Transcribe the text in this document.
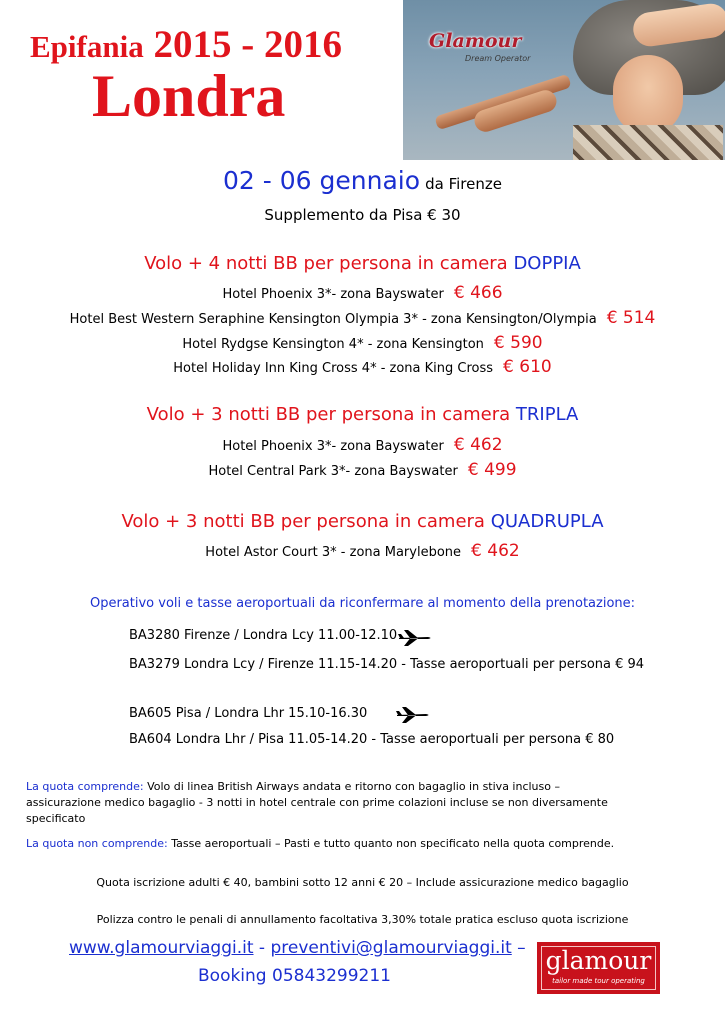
Epifania 2015 - 2016
Londra
Glamour
Dream Operator
02 - 06 gennaio da Firenze
Supplemento da Pisa € 30
Volo + 4 notti BB per persona in camera DOPPIA
Hotel Phoenix 3*- zona Bayswater € 466
Hotel Best Western Seraphine Kensington Olympia 3* - zona Kensington/Olympia € 514
Hotel Rydgse Kensington 4* - zona Kensington € 590
Hotel Holiday Inn King Cross 4* - zona King Cross € 610
Volo + 3 notti BB per persona in camera TRIPLA
Hotel Phoenix 3*- zona Bayswater € 462
Hotel Central Park 3*- zona Bayswater € 499
Volo + 3 notti BB per persona in camera QUADRUPLA
Hotel Astor Court 3* - zona Marylebone € 462
Operativo voli e tasse aeroportuali da riconfermare al momento della prenotazione:
BA3280 Firenze / Londra Lcy 11.00-12.10
BA3279 Londra Lcy / Firenze 11.15-14.20 - Tasse aeroportuali per persona € 94
BA605 Pisa / Londra Lhr 15.10-16.30
BA604 Londra Lhr / Pisa 11.05-14.20 - Tasse aeroportuali per persona € 80
La quota comprende: Volo di linea British Airways andata e ritorno con bagaglio in stiva incluso – assicurazione medico bagaglio - 3 notti in hotel centrale con prime colazioni incluse se non diversamente specificato
La quota non comprende: Tasse aeroportuali – Pasti e tutto quanto non specificato nella quota comprende.
Quota iscrizione adulti € 40, bambini sotto 12 anni € 20 – Include assicurazione medico bagaglio
Polizza contro le penali di annullamento facoltativa 3,30% totale pratica escluso quota iscrizione
www.glamourviaggi.it - preventivi@glamourviaggi.it –
Booking 05843299211
glamour
tailor made tour operating
